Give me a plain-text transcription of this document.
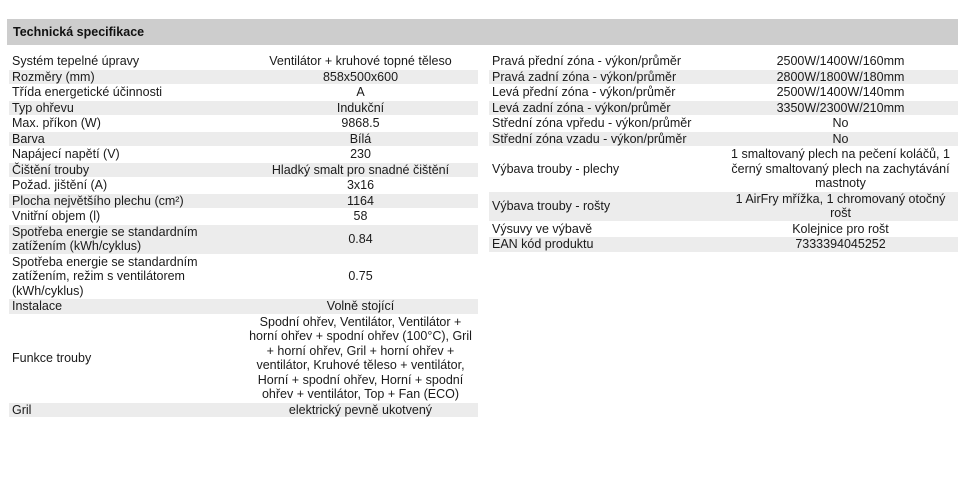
Technická specifikace
Systém tepelné úpravy	Ventilátor + kruhové topné těleso
Rozměry (mm)	858x500x600
Třída energetické účinnosti	A
Typ ohřevu	Indukční
Max. příkon (W)	9868.5
Barva	Bílá
Napájecí napětí (V)	230
Čištění trouby	Hladký smalt pro snadné čištění
Požad. jištění (A)	3x16
Plocha největšího plechu (cm²)	1164
Vnitřní objem (l)	58
Spotřeba energie se standardním zatížením (kWh/cyklus)	0.84
Spotřeba energie se standardním zatížením, režim s ventilátorem (kWh/cyklus)	0.75
Instalace	Volně stojící
Funkce trouby	Spodní ohřev, Ventilátor, Ventilátor + horní ohřev + spodní ohřev (100°C), Gril + horní ohřev, Gril + horní ohřev + ventilátor, Kruhové těleso + ventilátor, Horní + spodní ohřev, Horní + spodní ohřev + ventilátor, Top + Fan (ECO)
Gril	elektrický pevně ukotvený
Pravá přední zóna - výkon/průměr	2500W/1400W/160mm
Pravá zadní zóna - výkon/průměr	2800W/1800W/180mm
Levá přední zóna - výkon/průměr	2500W/1400W/140mm
Levá zadní zóna - výkon/průměr	3350W/2300W/210mm
Střední zóna vpředu - výkon/průměr	No
Střední zóna vzadu - výkon/průměr	No
Výbava trouby - plechy	1 smaltovaný plech na pečení koláčů, 1 černý smaltovaný plech na zachytávání mastnoty
Výbava trouby - rošty	1 AirFry mřížka, 1 chromovaný otočný rošt
Výsuvy ve výbavě	Kolejnice pro rošt
EAN kód produktu	7333394045252
